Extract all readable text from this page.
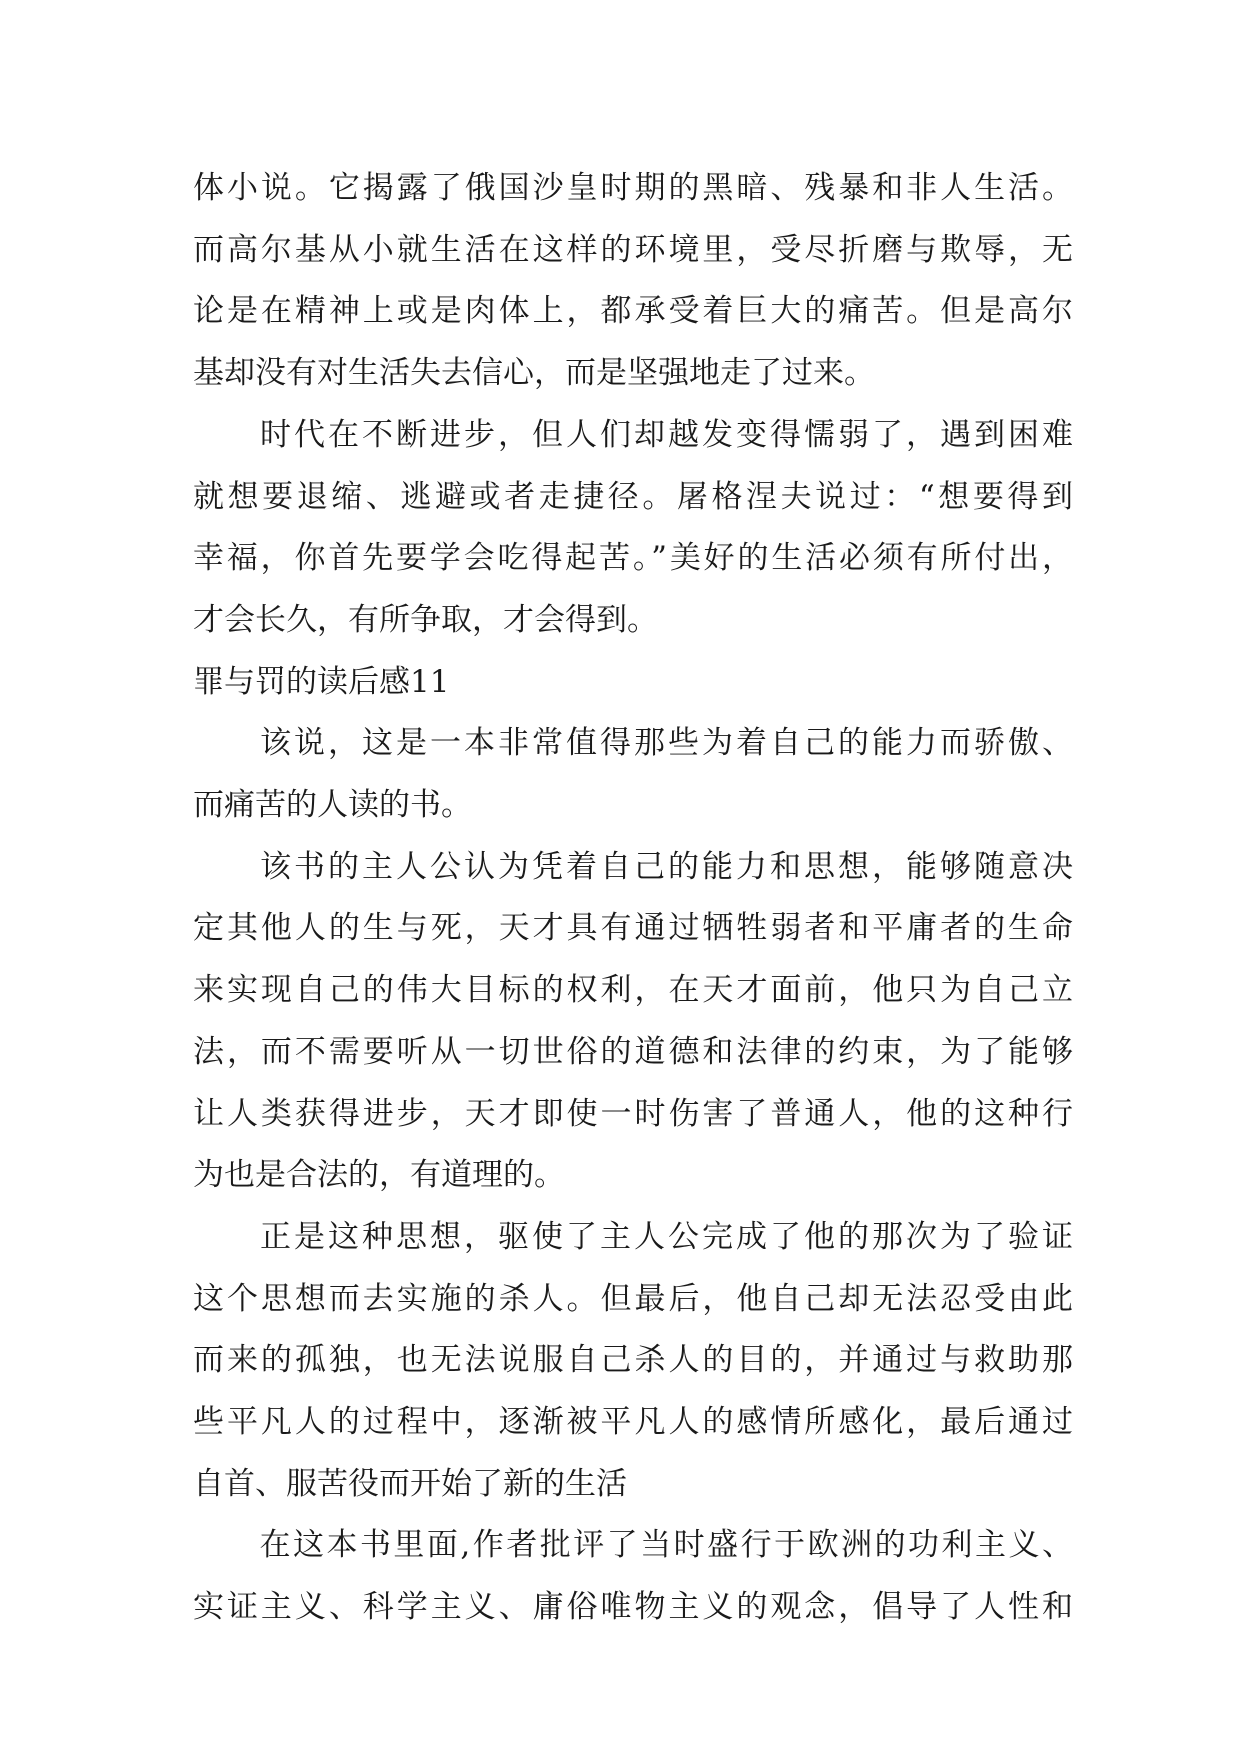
体小说。它揭露了俄国沙皇时期的黑暗、残暴和非人生活。
而高尔基从小就生活在这样的环境里，受尽折磨与欺辱，无
论是在精神上或是肉体上，都承受着巨大的痛苦。但是高尔
基却没有对生活失去信心，而是坚强地走了过来。
时代在不断进步，但人们却越发变得懦弱了，遇到困难
就想要退缩、逃避或者走捷径。屠格涅夫说过：“想要得到
幸福，你首先要学会吃得起苦。”美好的生活必须有所付出，
才会长久，有所争取，才会得到。
罪与罚的读后感11
该说，这是一本非常值得那些为着自己的能力而骄傲、
而痛苦的人读的书。
该书的主人公认为凭着自己的能力和思想，能够随意决
定其他人的生与死，天才具有通过牺牲弱者和平庸者的生命
来实现自己的伟大目标的权利，在天才面前，他只为自己立
法，而不需要听从一切世俗的道德和法律的约束，为了能够
让人类获得进步，天才即使一时伤害了普通人，他的这种行
为也是合法的，有道理的。
正是这种思想，驱使了主人公完成了他的那次为了验证
这个思想而去实施的杀人。但最后，他自己却无法忍受由此
而来的孤独，也无法说服自己杀人的目的，并通过与救助那
些平凡人的过程中，逐渐被平凡人的感情所感化，最后通过
自首、服苦役而开始了新的生活
在这本书里面,作者批评了当时盛行于欧洲的功利主义、
实证主义、科学主义、庸俗唯物主义的观念，倡导了人性和
